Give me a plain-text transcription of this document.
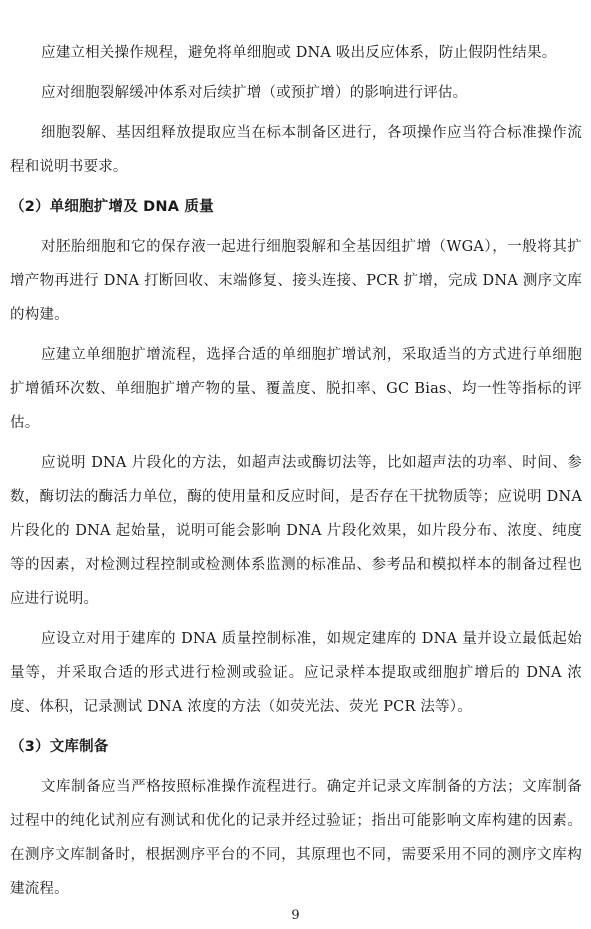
应建立相关操作规程，避免将单细胞或 DNA 吸出反应体系，防止假阴性结果。

应对细胞裂解缓冲体系对后续扩增（或预扩增）的影响进行评估。

细胞裂解、基因组释放提取应当在标本制备区进行，各项操作应当符合标准操作流程和说明书要求。

（2）单细胞扩增及 DNA 质量

对胚胎细胞和它的保存液一起进行细胞裂解和全基因组扩增（WGA），一般将其扩增产物再进行 DNA 打断回收、末端修复、接头连接、PCR 扩增，完成 DNA 测序文库的构建。

应建立单细胞扩增流程，选择合适的单细胞扩增试剂，采取适当的方式进行单细胞扩增循环次数、单细胞扩增产物的量、覆盖度、脱扣率、GC Bias、均一性等指标的评估。

应说明 DNA 片段化的方法，如超声法或酶切法等，比如超声法的功率、时间、参数，酶切法的酶活力单位，酶的使用量和反应时间，是否存在干扰物质等；应说明 DNA 片段化的 DNA 起始量，说明可能会影响 DNA 片段化效果，如片段分布、浓度、纯度等的因素，对检测过程控制或检测体系监测的标准品、参考品和模拟样本的制备过程也应进行说明。

应设立对用于建库的 DNA 质量控制标准，如规定建库的 DNA 量并设立最低起始量等，并采取合适的形式进行检测或验证。应记录样本提取或细胞扩增后的 DNA 浓度、体积，记录测试 DNA 浓度的方法（如荧光法、荧光 PCR 法等）。

（3）文库制备

文库制备应当严格按照标准操作流程进行。确定并记录文库制备的方法；文库制备过程中的纯化试剂应有测试和优化的记录并经过验证；指出可能影响文库构建的因素。在测序文库制备时，根据测序平台的不同，其原理也不同，需要采用不同的测序文库构建流程。

9
